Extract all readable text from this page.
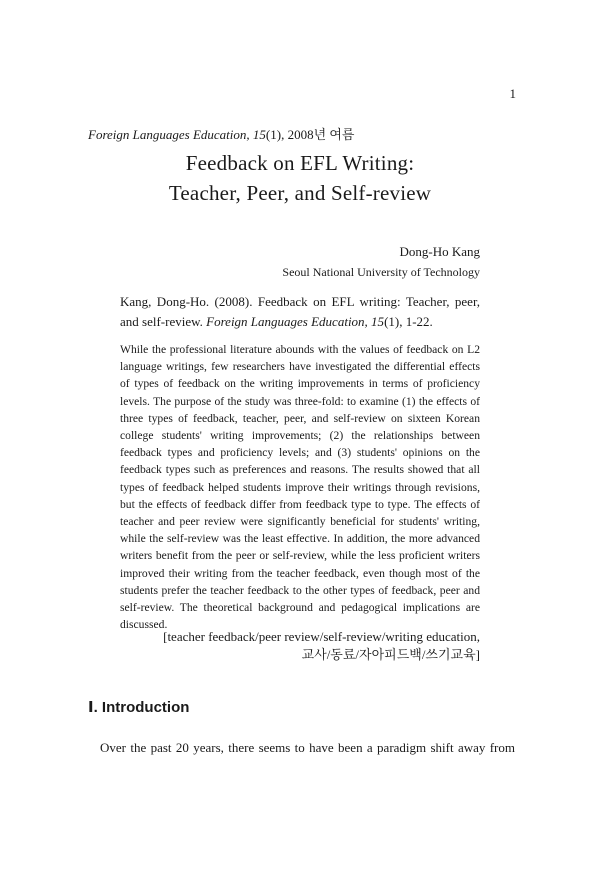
1
Foreign Languages Education, 15(1), 2008년 여름
Feedback on EFL Writing:
Teacher, Peer, and Self-review
Dong-Ho Kang
Seoul National University of Technology
Kang, Dong-Ho. (2008). Feedback on EFL writing: Teacher, peer, and self-review. Foreign Languages Education, 15(1), 1-22.

While the professional literature abounds with the values of feedback on L2 language writings, few researchers have investigated the differential effects of types of feedback on the writing improvements in terms of proficiency levels. The purpose of the study was three-fold: to examine (1) the effects of three types of feedback, teacher, peer, and self-review on sixteen Korean college students' writing improvements; (2) the relationships between feedback types and proficiency levels; and (3) students' opinions on the feedback types such as preferences and reasons. The results showed that all types of feedback helped students improve their writings through revisions, but the effects of feedback differ from feedback type to type. The effects of teacher and peer review were significantly beneficial for students' writing, while the self-review was the least effective. In addition, the more advanced writers benefit from the peer or self-review, while the less proficient writers improved their writing from the teacher feedback, even though most of the students prefer the teacher feedback to the other types of feedback, peer and self-review. The theoretical background and pedagogical implications are discussed.

[teacher feedback/peer review/self-review/writing education,
교사/동료/자아피드백/쓰기교육]
Ⅰ. Introduction

Over the past 20 years, there seems to have been a paradigm shift away from
